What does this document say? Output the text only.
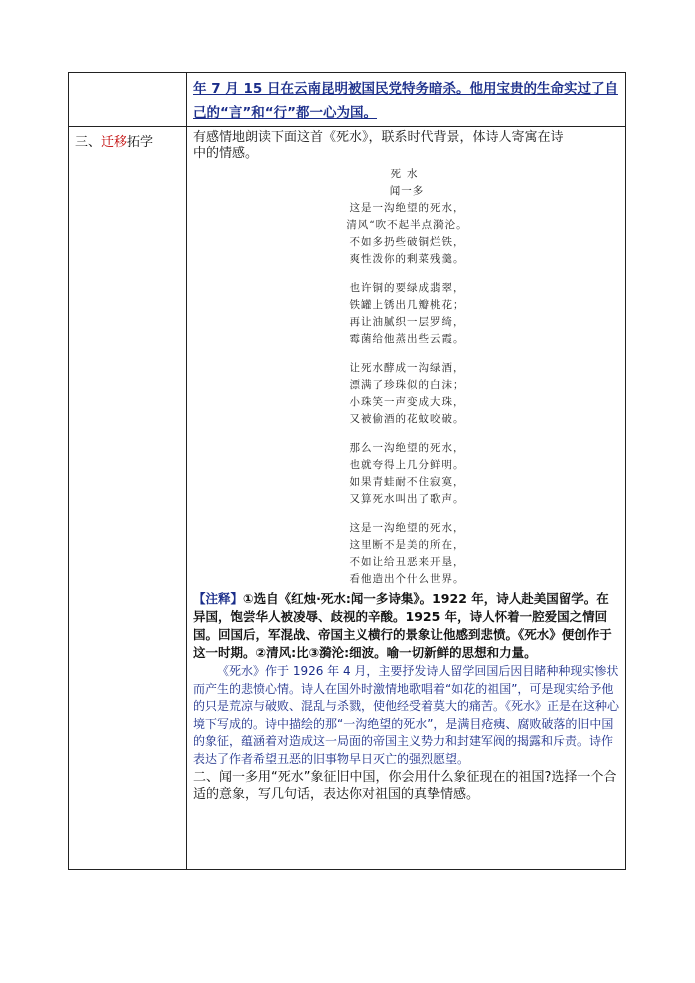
年 7 月 15 日在云南昆明被国民党特务暗杀。他用宝贵的生命实过了自
己的“言”和“行”都一心为国。
三、迁移拓学	有感情地朗读下面这首《死水》，联系时代背景，体诗人寄寓在诗
中的情感。
死水
闻一多
这是一沟绝望的死水，
清风“吹不起半点漪沦。
不如多扔些破铜烂铁，
爽性泼你的剩菜残羹。
也许铜的要绿成翡翠，
铁罐上锈出几瓣桃花；
再让油腻织一层罗绮，
霉菌给他蒸出些云霞。
让死水酵成一沟绿酒，
漂满了珍珠似的白沫；
小珠笑一声变成大珠，
又被偷酒的花蚊咬破。
那么一沟绝望的死水，
也就夸得上几分鲜明。
如果青蛙耐不住寂寞，
又算死水叫出了歌声。
这是一沟绝望的死水，
这里断不是美的所在，
不如让给丑恶来开垦，
看他造出个什么世界。
【注释】①选自《红烛·死水:闻一多诗集》。1922 年，诗人赴美国留学。在异国，饱尝华人被凌辱、歧视的辛酸。1925 年，诗人怀着一腔爱国之情回国。回国后，军混战、帝国主义横行的景象让他感到悲愤。《死水》便创作于这一时期。②清风:比③漪沦:细波。喻一切新鲜的思想和力量。
《死水》作于 1926 年 4 月，主要抒发诗人留学回国后因目睹种种现实惨状而产生的悲愤心情。诗人在国外时激情地歌唱着“如花的祖国”，可是现实给予他的只是荒凉与破败、混乱与杀戮，使他经受着莫大的痛苦。《死水》正是在这种心境下写成的。诗中描绘的那“一沟绝望的死水”，是满目疮痍、腐败破落的旧中国的象征，蕴涵着对造成这一局面的帝国主义势力和封建军阀的揭露和斥责。诗作表达了作者希望丑恶的旧事物早日灭亡的强烈愿望。
二、闻一多用“死水”象征旧中国，你会用什么象征现在的祖国?选择一个合适的意象，写几句话，表达你对祖国的真挚情感。
